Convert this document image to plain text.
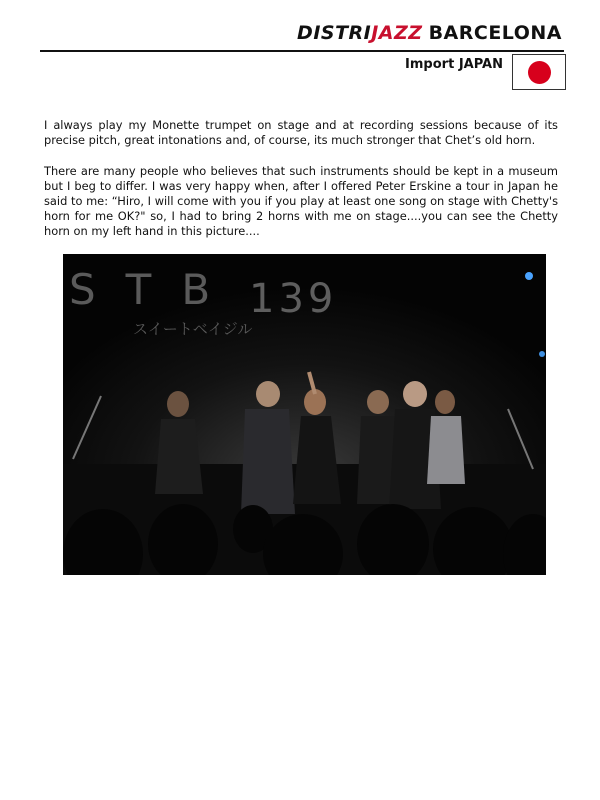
DISTRIJAZZ BARCELONA
Import JAPAN
I always play my Monette trumpet on stage and at recording sessions because of its precise pitch, great intonations and, of course, its much stronger that Chet’s old horn.
There are many people who believes that such instruments should be kept in a museum but I beg to differ. I was very happy when, after I offered Peter Erskine a tour in Japan he said to me: “Hiro, I will come with you if you play at least one song on stage with Chetty's horn for me OK?" so, I had to bring 2 horns with me on stage....you can see the Chetty horn on my left hand in this picture....
STB 139
スイートベイジル
